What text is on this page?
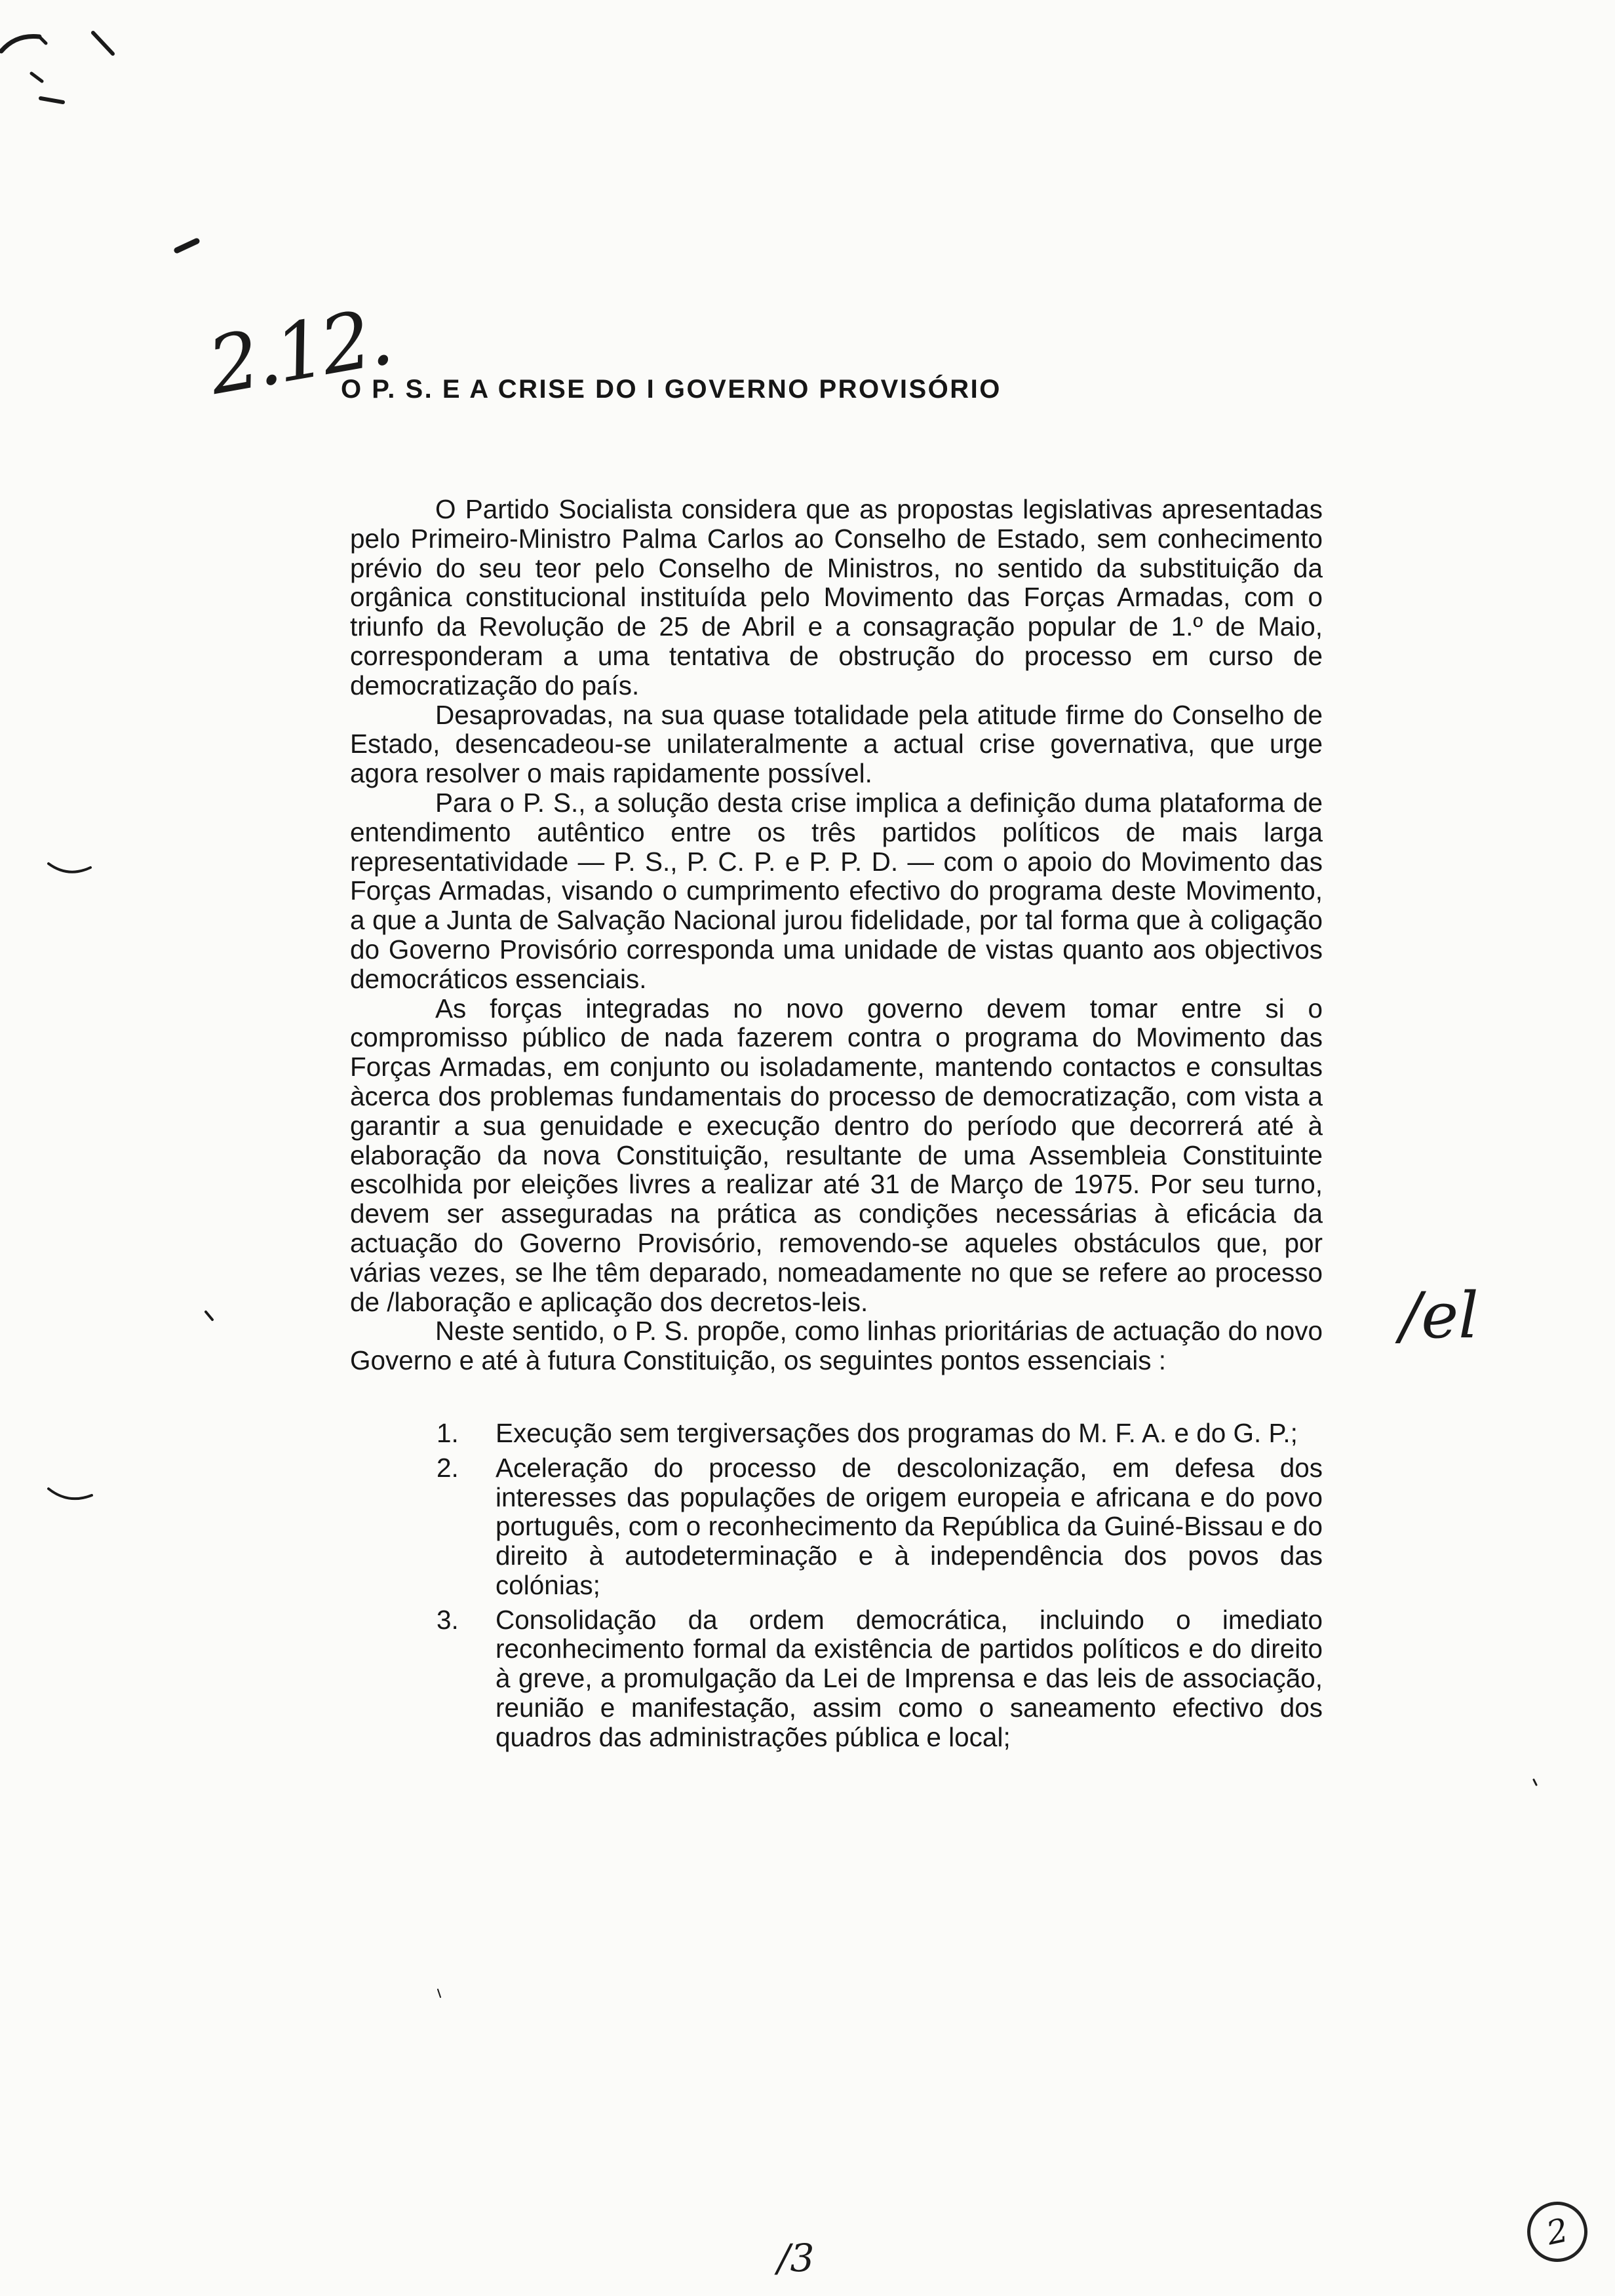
2.12.
/el
/3
2
O P. S. E A CRISE DO I GOVERNO PROVISÓRIO

O Partido Socialista considera que as propostas legislativas apresentadas pelo Primeiro-Ministro Palma Carlos ao Conselho de Estado, sem conhecimento prévio do seu teor pelo Conselho de Ministros, no sentido da substituição da orgânica constitucional instituída pelo Movimento das Forças Armadas, com o triunfo da Revolução de 25 de Abril e a consagração popular de 1.º de Maio, corresponderam a uma tentativa de obstrução do processo em curso de democratização do país.

Desaprovadas, na sua quase totalidade pela atitude firme do Conselho de Estado, desencadeou-se unilateralmente a actual crise governativa, que urge agora resolver o mais rapidamente possível.

Para o P. S., a solução desta crise implica a definição duma plataforma de entendimento autêntico entre os três partidos políticos de mais larga representatividade — P. S., P. C. P. e P. P. D. — com o apoio do Movimento das Forças Armadas, visando o cumprimento efectivo do programa deste Movimento, a que a Junta de Salvação Nacional jurou fidelidade, por tal forma que à coligação do Governo Provisório corresponda uma unidade de vistas quanto aos objectivos democráticos essenciais.

As forças integradas no novo governo devem tomar entre si o compromisso público de nada fazerem contra o programa do Movimento das Forças Armadas, em conjunto ou isoladamente, mantendo contactos e consultas àcerca dos problemas fundamentais do processo de democratização, com vista a garantir a sua genuidade e execução dentro do período que decorrerá até à elaboração da nova Constituição, resultante de uma Assembleia Constituinte escolhida por eleições livres a realizar até 31 de Março de 1975. Por seu turno, devem ser asseguradas na prática as condições necessárias à eficácia da actuação do Governo Provisório, removendo-se aqueles obstáculos que, por várias vezes, se lhe têm deparado, nomeadamente no que se refere ao processo de /laboração e aplicação dos decretos-leis.

Neste sentido, o P. S. propõe, como linhas prioritárias de actuação do novo Governo e até à futura Constituição, os seguintes pontos essenciais :

1. Execução sem tergiversações dos programas do M. F. A. e do G. P.;
2. Aceleração do processo de descolonização, em defesa dos interesses das populações de origem europeia e africana e do povo português, com o reconhecimento da República da Guiné-Bissau e do direito à autodeterminação e à independência dos povos das colónias;
3. Consolidação da ordem democrática, incluindo o imediato reconhecimento formal da existência de partidos políticos e do direito à greve, a promulgação da Lei de Imprensa e das leis de associação, reunião e manifestação, assim como o saneamento efectivo dos quadros das administrações pública e local;
